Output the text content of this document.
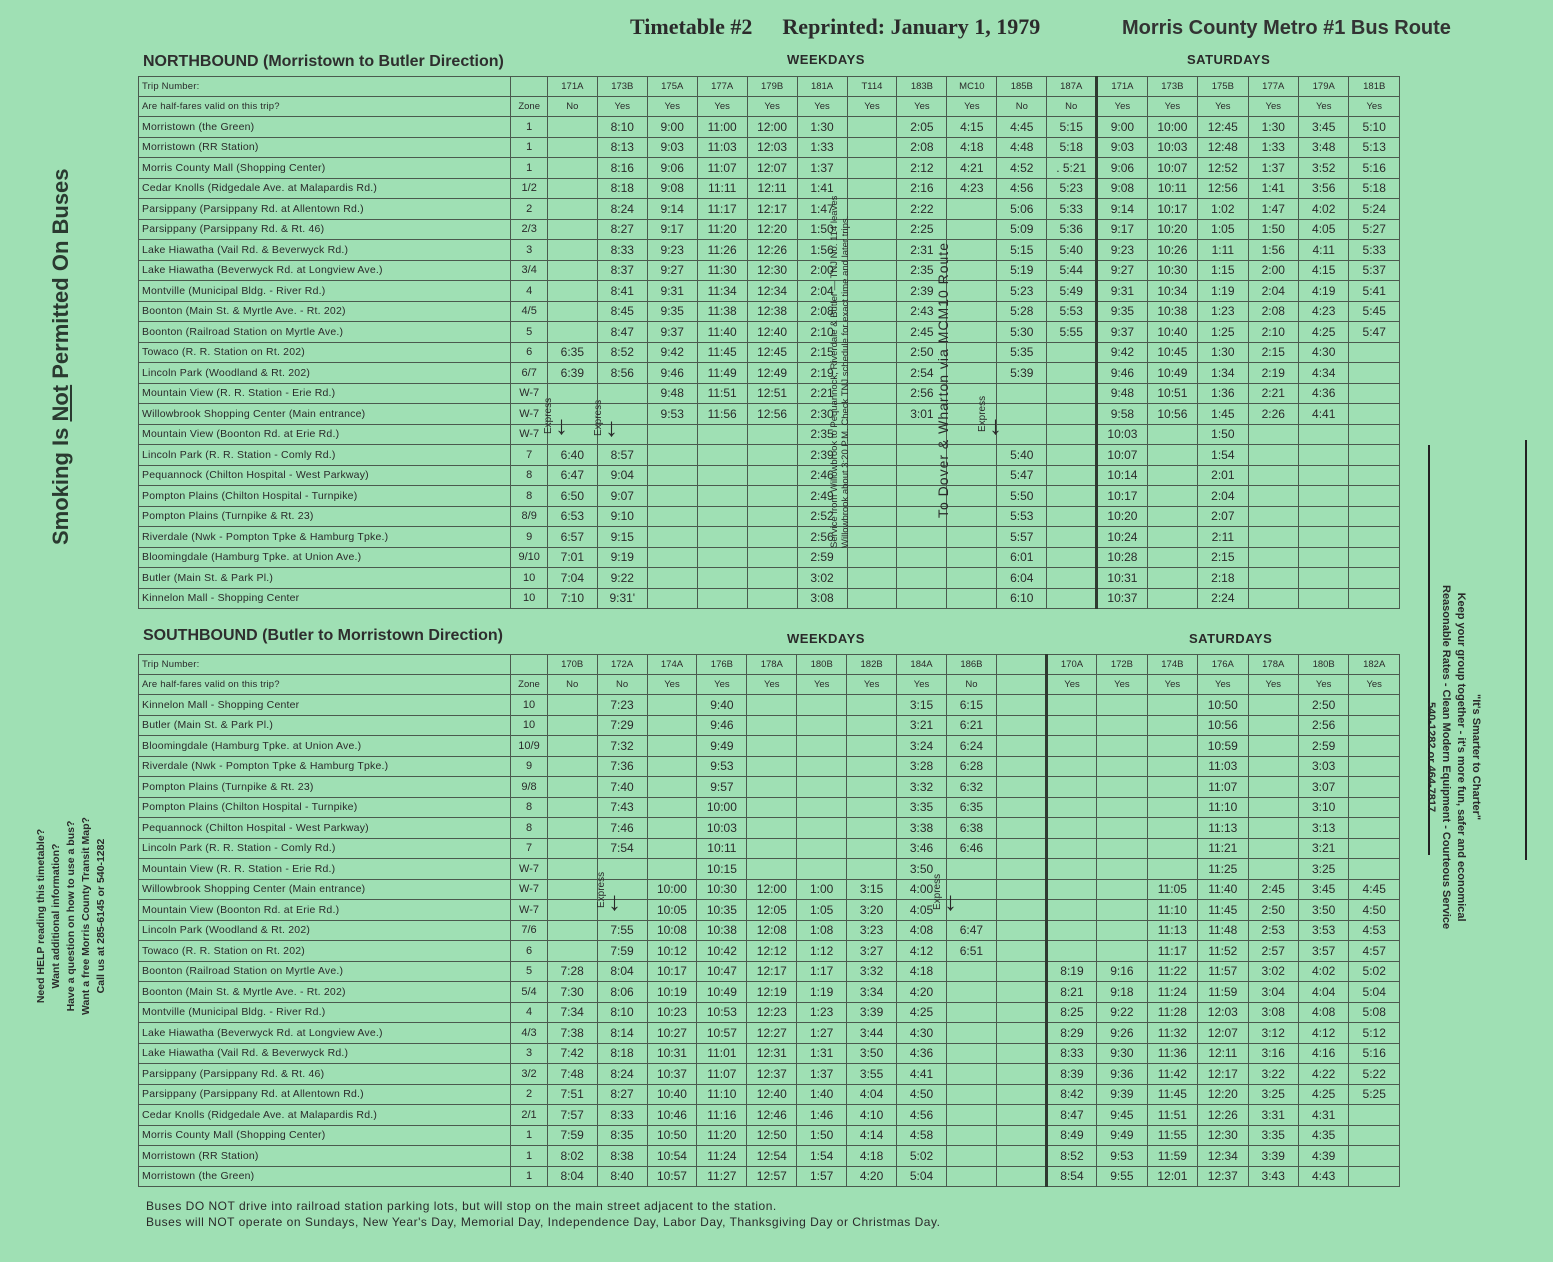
Timetable #2 Reprinted: January 1, 1979	Morris County Metro #1 Bus Route
NORTHBOUND (Morristown to Butler Direction)	WEEKDAYS	SATURDAYS
Trip Number:		171A	173B	175A	177A	179B	181A	T114	183B	MC10	185B	187A	171A	173B	175B	177A	179A	181B
Are half-fares valid on this trip?	Zone	No	Yes	Yes	Yes	Yes	Yes	Yes	Yes	Yes	No	No	Yes	Yes	Yes	Yes	Yes	Yes
Morristown (the Green)	1		8:10	9:00	11:00	12:00	1:30		2:05	4:15	4:45	5:15	9:00	10:00	12:45	1:30	3:45	5:10
Morristown (RR Station)	1		8:13	9:03	11:03	12:03	1:33		2:08	4:18	4:48	5:18	9:03	10:03	12:48	1:33	3:48	5:13
Morris County Mall (Shopping Center)	1		8:16	9:06	11:07	12:07	1:37		2:12	4:21	4:52	. 5:21	9:06	10:07	12:52	1:37	3:52	5:16
Cedar Knolls (Ridgedale Ave. at Malapardis Rd.)	1/2		8:18	9:08	11:11	12:11	1:41		2:16	4:23	4:56	5:23	9:08	10:11	12:56	1:41	3:56	5:18
Parsippany (Parsippany Rd. at Allentown Rd.)	2		8:24	9:14	11:17	12:17	1:47		2:22		5:06	5:33	9:14	10:17	1:02	1:47	4:02	5:24
Parsippany (Parsippany Rd. & Rt. 46)	2/3		8:27	9:17	11:20	12:20	1:50		2:25		5:09	5:36	9:17	10:20	1:05	1:50	4:05	5:27
Lake Hiawatha (Vail Rd. & Beverwyck Rd.)	3		8:33	9:23	11:26	12:26	1:56		2:31		5:15	5:40	9:23	10:26	1:11	1:56	4:11	5:33
Lake Hiawatha (Beverwyck Rd. at Longview Ave.)	3/4		8:37	9:27	11:30	12:30	2:00		2:35		5:19	5:44	9:27	10:30	1:15	2:00	4:15	5:37
Montville (Municipal Bldg. - River Rd.)	4		8:41	9:31	11:34	12:34	2:04		2:39		5:23	5:49	9:31	10:34	1:19	2:04	4:19	5:41
Boonton (Main St. & Myrtle Ave. - Rt. 202)	4/5		8:45	9:35	11:38	12:38	2:08		2:43		5:28	5:53	9:35	10:38	1:23	2:08	4:23	5:45
Boonton (Railroad Station on Myrtle Ave.)	5		8:47	9:37	11:40	12:40	2:10		2:45		5:30	5:55	9:37	10:40	1:25	2:10	4:25	5:47
Towaco (R. R. Station on Rt. 202)	6	6:35	8:52	9:42	11:45	12:45	2:15		2:50		5:35		9:42	10:45	1:30	2:15	4:30	
Lincoln Park (Woodland & Rt. 202)	6/7	6:39	8:56	9:46	11:49	12:49	2:19		2:54		5:39		9:46	10:49	1:34	2:19	4:34	
Mountain View (R. R. Station - Erie Rd.)	W-7			9:48	11:51	12:51	2:21		2:56				9:48	10:51	1:36	2:21	4:36	
Willowbrook Shopping Center (Main entrance)	W-7			9:53	11:56	12:56	2:30		3:01				9:58	10:56	1:45	2:26	4:41	
Mountain View (Boonton Rd. at Erie Rd.)	W-7						2:35						10:03		1:50			
Lincoln Park (R. R. Station - Comly Rd.)	7	6:40	8:57				2:39				5:40		10:07		1:54			
Pequannock (Chilton Hospital - West Parkway)	8	6:47	9:04				2:46				5:47		10:14		2:01			
Pompton Plains (Chilton Hospital - Turnpike)	8	6:50	9:07				2:49				5:50		10:17		2:04			
Pompton Plains (Turnpike & Rt. 23)	8/9	6:53	9:10				2:52				5:53		10:20		2:07			
Riverdale (Nwk - Pompton Tpke & Hamburg Tpke.)	9	6:57	9:15				2:56				5:57		10:24		2:11			
Bloomingdale (Hamburg Tpke. at Union Ave.)	9/10	7:01	9:19				2:59				6:01		10:28		2:15			
Butler (Main St. & Park Pl.)	10	7:04	9:22				3:02				6:04		10:31		2:18			
Kinnelon Mall - Shopping Center	10	7:10	9:31'				3:08				6:10		10:37		2:24			
SOUTHBOUND (Butler to Morristown Direction)	WEEKDAYS	SATURDAYS
Trip Number:		170B	172A	174A	176B	178A	180B	182B	184A	186B		170A	172B	174B	176A	178A	180B	182A
Are half-fares valid on this trip?	Zone	No	No	Yes	Yes	Yes	Yes	Yes	Yes	No		Yes	Yes	Yes	Yes	Yes	Yes	Yes
Kinnelon Mall - Shopping Center	10		7:23		9:40				3:15	6:15					10:50		2:50	
Butler (Main St. & Park Pl.)	10		7:29		9:46				3:21	6:21					10:56		2:56	
Bloomingdale (Hamburg Tpke. at Union Ave.)	10/9		7:32		9:49				3:24	6:24					10:59		2:59	
Riverdale (Nwk - Pompton Tpke & Hamburg Tpke.)	9		7:36		9:53				3:28	6:28					11:03		3:03	
Pompton Plains (Turnpike & Rt. 23)	9/8		7:40		9:57				3:32	6:32					11:07		3:07	
Pompton Plains (Chilton Hospital - Turnpike)	8		7:43		10:00				3:35	6:35					11:10		3:10	
Pequannock (Chilton Hospital - West Parkway)	8		7:46		10:03				3:38	6:38					11:13		3:13	
Lincoln Park (R. R. Station - Comly Rd.)	7		7:54		10:11				3:46	6:46					11:21		3:21	
Mountain View (R. R. Station - Erie Rd.)	W-7				10:15				3:50						11:25		3:25	
Willowbrook Shopping Center (Main entrance)	W-7			10:00	10:30	12:00	1:00	3:15	4:00					11:05	11:40	2:45	3:45	4:45
Mountain View (Boonton Rd. at Erie Rd.)	W-7			10:05	10:35	12:05	1:05	3:20	4:05					11:10	11:45	2:50	3:50	4:50
Lincoln Park (Woodland & Rt. 202)	7/6		7:55	10:08	10:38	12:08	1:08	3:23	4:08	6:47				11:13	11:48	2:53	3:53	4:53
Towaco (R. R. Station on Rt. 202)	6		7:59	10:12	10:42	12:12	1:12	3:27	4:12	6:51				11:17	11:52	2:57	3:57	4:57
Boonton (Railroad Station on Myrtle Ave.)	5	7:28	8:04	10:17	10:47	12:17	1:17	3:32	4:18			8:19	9:16	11:22	11:57	3:02	4:02	5:02
Boonton (Main St. & Myrtle Ave. - Rt. 202)	5/4	7:30	8:06	10:19	10:49	12:19	1:19	3:34	4:20			8:21	9:18	11:24	11:59	3:04	4:04	5:04
Montville (Municipal Bldg. - River Rd.)	4	7:34	8:10	10:23	10:53	12:23	1:23	3:39	4:25			8:25	9:22	11:28	12:03	3:08	4:08	5:08
Lake Hiawatha (Beverwyck Rd. at Longview Ave.)	4/3	7:38	8:14	10:27	10:57	12:27	1:27	3:44	4:30			8:29	9:26	11:32	12:07	3:12	4:12	5:12
Lake Hiawatha (Vail Rd. & Beverwyck Rd.)	3	7:42	8:18	10:31	11:01	12:31	1:31	3:50	4:36			8:33	9:30	11:36	12:11	3:16	4:16	5:16
Parsippany (Parsippany Rd. & Rt. 46)	3/2	7:48	8:24	10:37	11:07	12:37	1:37	3:55	4:41			8:39	9:36	11:42	12:17	3:22	4:22	5:22
Parsippany (Parsippany Rd. at Allentown Rd.)	2	7:51	8:27	10:40	11:10	12:40	1:40	4:04	4:50			8:42	9:39	11:45	12:20	3:25	4:25	5:25
Cedar Knolls (Ridgedale Ave. at Malapardis Rd.)	2/1	7:57	8:33	10:46	11:16	12:46	1:46	4:10	4:56			8:47	9:45	11:51	12:26	3:31	4:31	
Morris County Mall (Shopping Center)	1	7:59	8:35	10:50	11:20	12:50	1:50	4:14	4:58			8:49	9:49	11:55	12:30	3:35	4:35	
Morristown (RR Station)	1	8:02	8:38	10:54	11:24	12:54	1:54	4:18	5:02			8:52	9:53	11:59	12:34	3:39	4:39	
Morristown (the Green)	1	8:04	8:40	10:57	11:27	12:57	1:57	4:20	5:04			8:54	9:55	12:01	12:37	3:43	4:43	
Service from Willowbrook to Pequannock, Riverdale & Butler — TNJ No. 114 leaves Willowbrook about 3:20 P.M. Check TNJ schedule for exact time and later trips.	To Dover & Wharton via MCM10 Route
Express ↓	Express ↓	Express ↓
Express ↓	Express ↓
Smoking Is Not Permitted On Buses
Need HELP reading this timetable? Want additional information? Have a question on how to use a bus? Want a free Morris County Transit Map? Call us at 285-6145 or 540-1282
"It's Smarter to Charter"
Keep your group together - it's more fun, safer and economical
Reasonable Rates - Clean Modern Equipment - Courteous Service
540-1282 or 464-7817
Buses DO NOT drive into railroad station parking lots, but will stop on the main street adjacent to the station.
Buses will NOT operate on Sundays, New Year's Day, Memorial Day, Independence Day, Labor Day, Thanksgiving Day or Christmas Day.
